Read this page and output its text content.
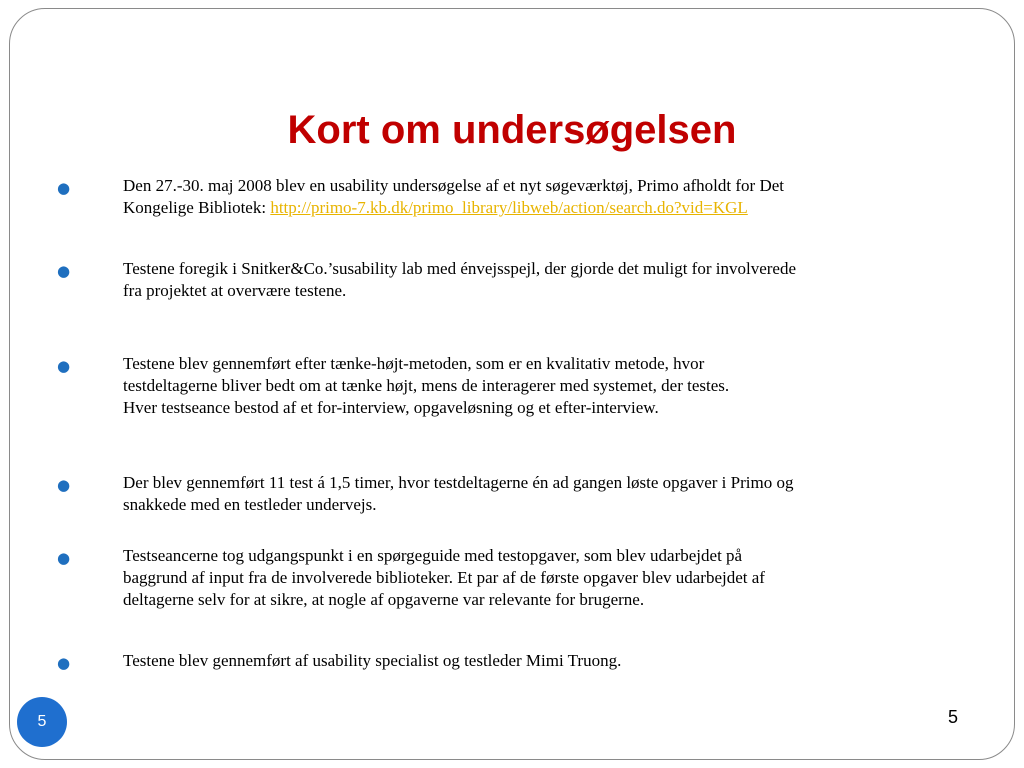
Kort om undersøgelsen
●	Den 27.-30. maj 2008 blev en usability undersøgelse af et nyt søgeværktøj, Primo afholdt for Det
Kongelige Bibliotek: http://primo-7.kb.dk/primo_library/libweb/action/search.do?vid=KGL
●	Testene foregik i Snitker&Co.’susability lab med énvejsspejl, der gjorde det muligt for involverede
fra projektet at overvære testene.
●	Testene blev gennemført efter tænke-højt-metoden, som er en kvalitativ metode, hvor
testdeltagerne bliver bedt om at tænke højt, mens de interagerer med systemet, der testes.
Hver testseance bestod af et for-interview, opgaveløsning og et efter-interview.
●	Der blev gennemført 11 test á 1,5 timer, hvor testdeltagerne én ad gangen løste opgaver i Primo og
snakkede med en testleder undervejs.
●	Testseancerne tog udgangspunkt i en spørgeguide med testopgaver, som blev udarbejdet på
baggrund af input fra de involverede biblioteker. Et par af de første opgaver blev udarbejdet af
deltagerne selv for at sikre, at nogle af opgaverne var relevante for brugerne.
●	Testene blev gennemført af usability specialist og testleder Mimi Truong.
5	5
